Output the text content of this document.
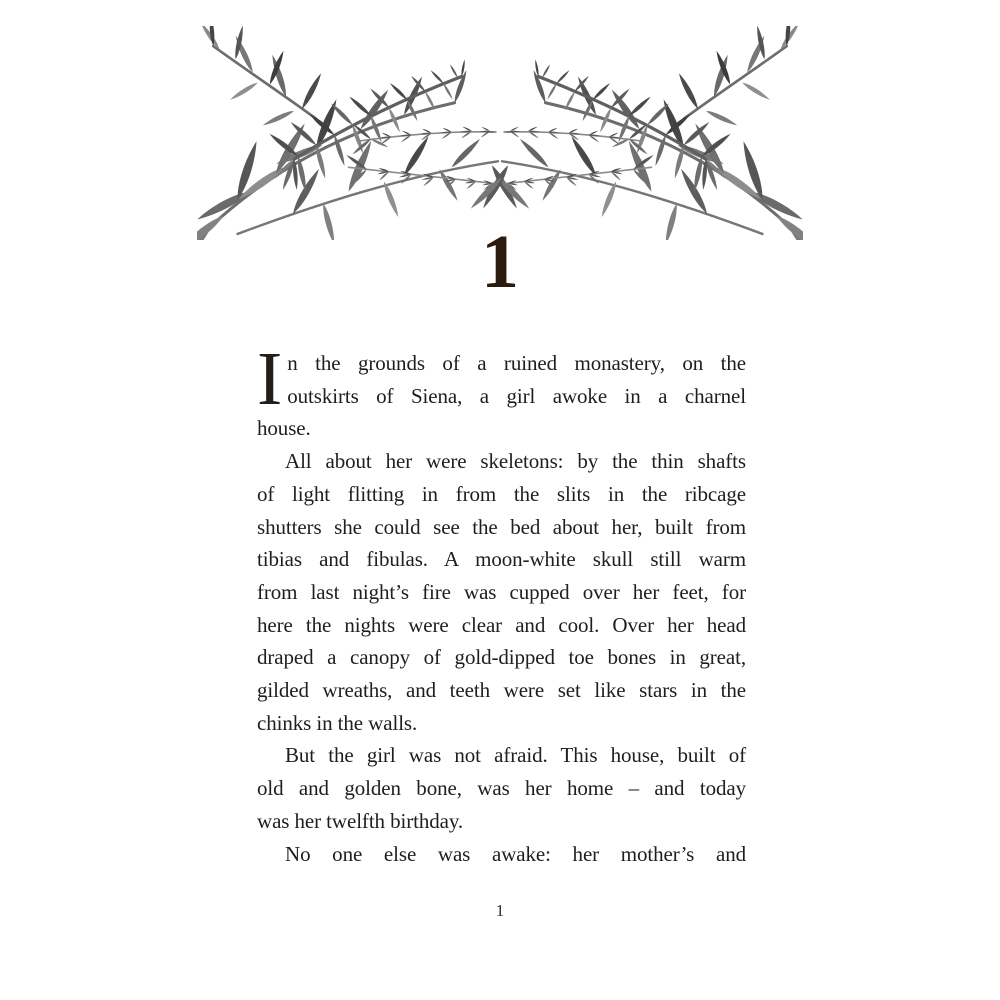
1
I n the grounds of a ruined monastery, on the
outskirts of Siena, a girl awoke in a charnel
house.
All about her were skeletons: by the thin shafts
of light flitting in from the slits in the ribcage
shutters she could see the bed about her, built from
tibias and fibulas. A moon-white skull still warm
from last night’s fire was cupped over her feet, for
here the nights were clear and cool. Over her head
draped a canopy of gold-dipped toe bones in great,
gilded wreaths, and teeth were set like stars in the
chinks in the walls.
But the girl was not afraid. This house, built of
old and golden bone, was her home – and today
was her twelfth birthday.
No one else was awake: her mother’s and
1
